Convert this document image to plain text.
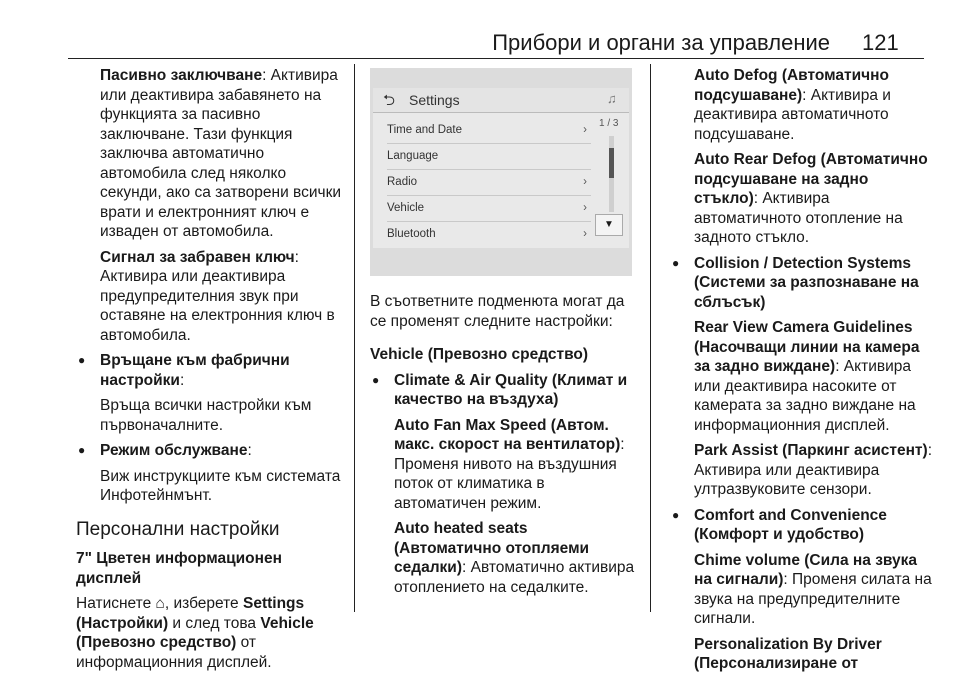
Прибори и органи за управление 121
Пасивно заключване: Активира или деактивира забавянето на функцията за пасивно заключване. Тази функция заключва автоматично автомобила след няколко секунди, ако са затворени всички врати и електронният ключ е изваден от автомобила.
Сигнал за забравен ключ: Активира или деактивира предупредителния звук при оставяне на електронния ключ в автомобила.
● Връщане към фабрични настройки:
Връща всички настройки към първоначалните.
● Режим обслужване:
Виж инструкциите към системата Инфотейнмънт.
Персонални настройки
7" Цветен информационен дисплей
Натиснете ⌂, изберете Settings (Настройки) и след това Vehicle (Превозно средство) от информационния дисплей.
⮌ Settings	♫
Time and Date	›
Language
Radio	›
Vehicle	›
Bluetooth	›
1 / 3
▼
В съответните подменюта могат да се променят следните настройки:
Vehicle (Превозно средство)
● Climate & Air Quality (Климат и качество на въздуха)
Auto Fan Max Speed (Автом. макс. скорост на вентилатор): Променя нивото на въздушния поток от климатика в автоматичен режим.
Auto heated seats (Автоматично отопляеми седалки): Автоматично активира отоплението на седалките.
Auto Defog (Автоматично подсушаване): Активира и деактивира автоматичното подсушаване.
Auto Rear Defog (Автоматично подсушаване на задно стъкло): Активира автоматичното отопление на задното стъкло.
● Collision / Detection Systems (Системи за разпознаване на сблъсък)
Rear View Camera Guidelines (Насочващи линии на камера за задно виждане): Активира или деактивира насоките от камерата за задно виждане на информационния дисплей.
Park Assist (Паркинг асистент): Активира или деактивира ултразвуковите сензори.
● Comfort and Convenience (Комфорт и удобство)
Chime volume (Сила на звука на сигнали): Променя силата на звука на предупредителните сигнали.
Personalization By Driver (Персонализиране от
